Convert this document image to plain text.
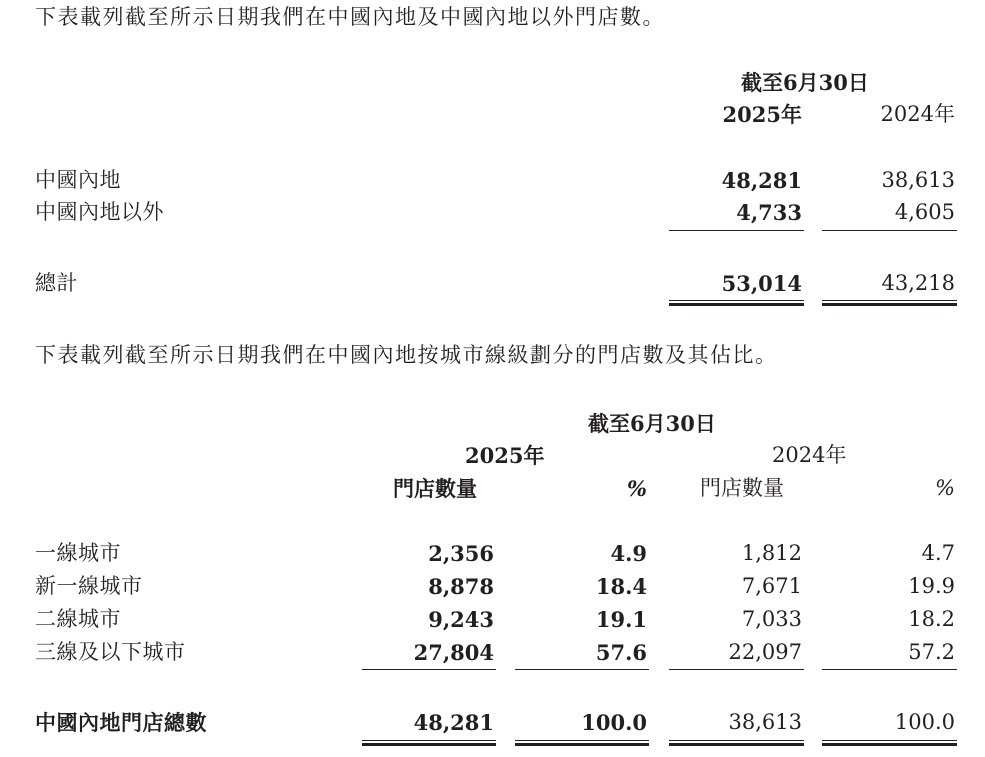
下表載列截至所示日期我們在中國內地及中國內地以外門店數。
截至6月30日
2025年	2024年
中國內地	48,281	38,613
中國內地以外	4,733	4,605
總計	53,014	43,218
下表載列截至所示日期我們在中國內地按城市線級劃分的門店數及其佔比。
截至6月30日
2025年	2024年
門店數量	%	門店數量	%
一線城市	2,356	4.9	1,812	4.7
新一線城市	8,878	18.4	7,671	19.9
二線城市	9,243	19.1	7,033	18.2
三線及以下城市	27,804	57.6	22,097	57.2
中國內地門店總數	48,281	100.0	38,613	100.0
